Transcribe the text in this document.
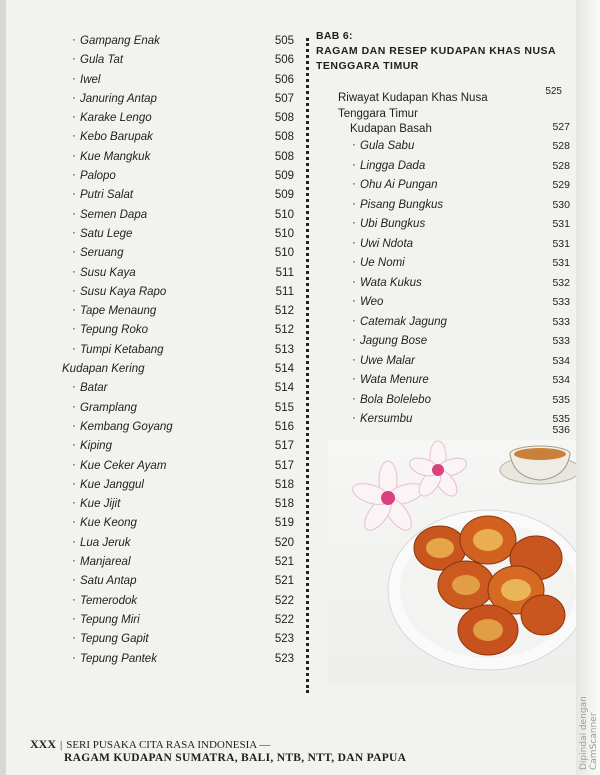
· Gampang Enak	505
· Gula Tat	506
· Iwel	506
· Januring Antap	507
· Karake Lengo	508
· Kebo Barupak	508
· Kue Mangkuk	508
· Palopo	509
· Putri Salat	509
· Semen Dapa	510
· Satu Lege	510
· Seruang	510
· Susu Kaya	511
· Susu Kaya Rapo	511
· Tape Menaung	512
· Tepung Roko	512
· Tumpi Ketabang	513
Kudapan Kering	514
· Batar	514
· Gramplang	515
· Kembang Goyang	516
· Kiping	517
· Kue Ceker Ayam	517
· Kue Janggul	518
· Kue Jijit	518
· Kue Keong	519
· Lua Jeruk	520
· Manjareal	521
· Satu Antap	521
· Temerodok	522
· Tepung Miri	522
· Tepung Gapit	523
· Tepung Pantek	523
BAB 6:
RAGAM DAN RESEP KUDAPAN KHAS NUSA TENGGARA TIMUR
Riwayat Kudapan Khas Nusa Tenggara Timur
525
Kudapan Basah	527
· Gula Sabu	528
· Lingga Dada	528
· Ohu Ai Pungan	529
· Pisang Bungkus	530
· Ubi Bungkus	531
· Uwi Ndota	531
· Ue Nomi	531
· Wata Kukus	532
· Weo	533
· Catemak Jagung	533
· Jagung Bose	533
· Uwe Malar	534
· Wata Menure	534
· Bola Bolelebo	535
· Kersumbu	535
536
XXX | SERI PUSAKA CITA RASA INDONESIA —
RAGAM KUDAPAN SUMATRA, BALI, NTB, NTT, DAN PAPUA	Dipindai dengan CamScanner
